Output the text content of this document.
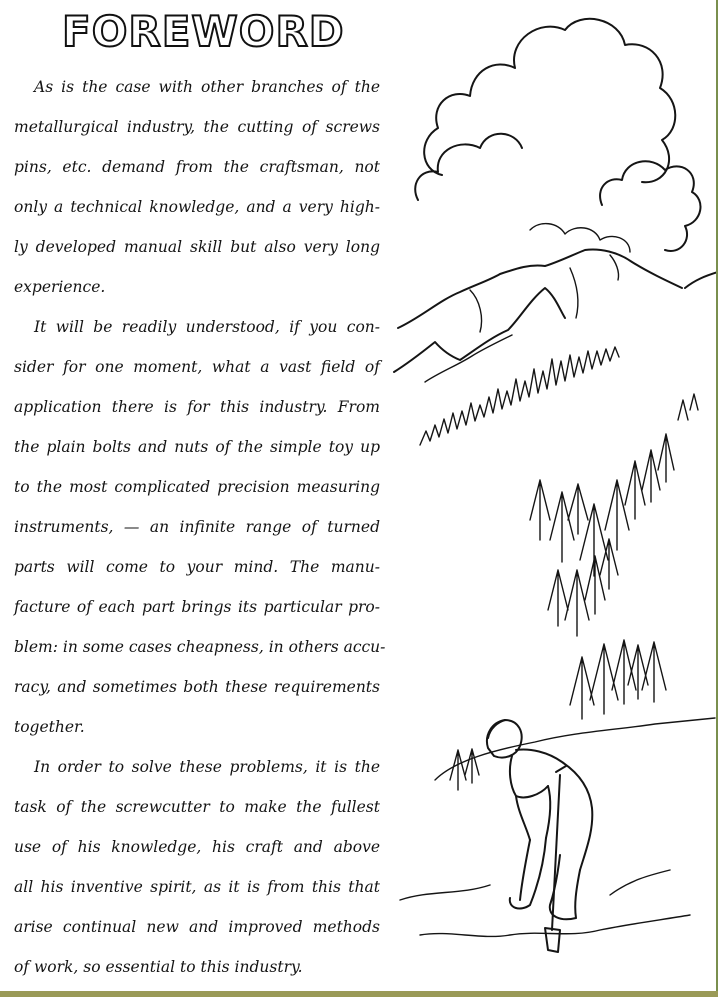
FOREWORD
As is the case with other branches of the
metallurgical industry, the cutting of screws
pins, etc. demand from the craftsman, not
only a technical knowledge, and a very high-
ly developed manual skill but also very long
experience.
It will be readily understood, if you con-
sider for one moment, what a vast field of
application there is for this industry. From
the plain bolts and nuts of the simple toy up
to the most complicated precision measuring
instruments, — an infinite range of turned
parts will come to your mind. The manu-
facture of each part brings its particular pro-
blem: in some cases cheapness, in others accu-
racy, and sometimes both these requirements
together.
In order to solve these problems, it is the
task of the screwcutter to make the fullest
use of his knowledge, his craft and above
all his inventive spirit, as it is from this that
arise continual new and improved methods
of work, so essential to this industry.
